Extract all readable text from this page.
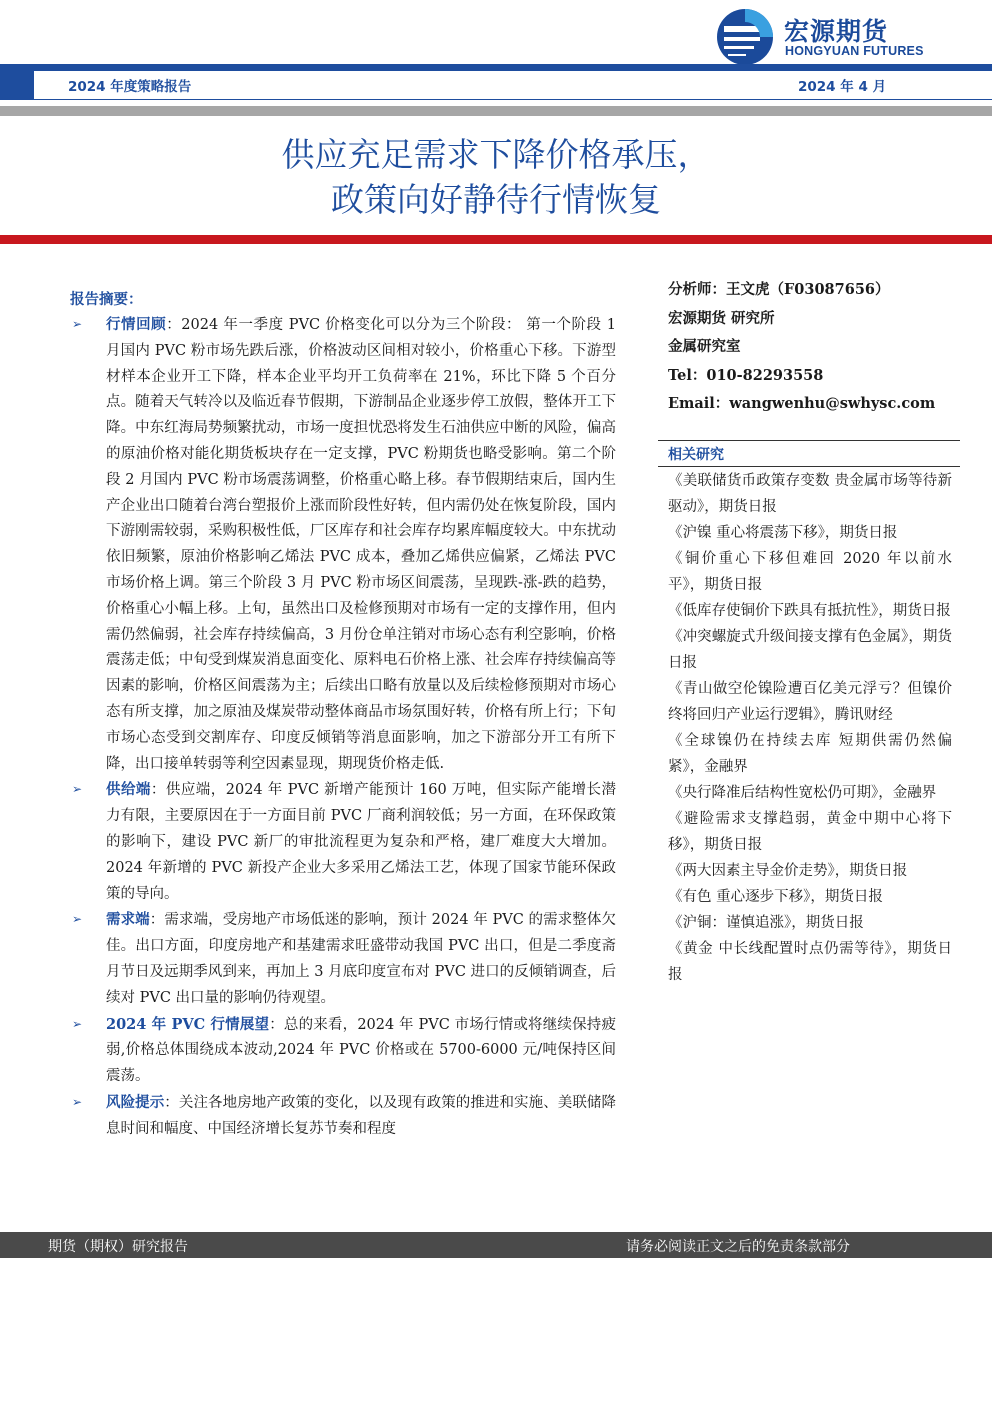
宏源期货
HONGYUAN FUTURES
2024 年度策略报告	2024 年 4 月
供应充足需求下降价格承压，
政策向好静待行情恢复
报告摘要：
➢ 行情回顾：2024 年一季度 PVC 价格变化可以分为三个阶段： 第一个阶段 1 月国内 PVC 粉市场先跌后涨，价格波动区间相对较小，价格重心下移。下游型材样本企业开工下降，样本企业平均开工负荷率在 21%，环比下降 5 个百分点。随着天气转冷以及临近春节假期，下游制品企业逐步停工放假，整体开工下降。中东红海局势频繁扰动，市场一度担忧恐将发生石油供应中断的风险，偏高的原油价格对能化期货板块存在一定支撑，PVC 粉期货也略受影响。第二个阶段 2 月国内 PVC 粉市场震荡调整，价格重心略上移。春节假期结束后，国内生产企业出口随着台湾台塑报价上涨而阶段性好转，但内需仍处在恢复阶段，国内下游刚需较弱，采购积极性低，厂区库存和社会库存均累库幅度较大。中东扰动依旧频繁，原油价格影响乙烯法 PVC 成本，叠加乙烯供应偏紧，乙烯法 PVC 市场价格上调。第三个阶段 3 月 PVC 粉市场区间震荡，呈现跌-涨-跌的趋势，价格重心小幅上移。上旬，虽然出口及检修预期对市场有一定的支撑作用，但内需仍然偏弱，社会库存持续偏高，3 月份仓单注销对市场心态有利空影响，价格震荡走低；中旬受到煤炭消息面变化、原料电石价格上涨、社会库存持续偏高等因素的影响，价格区间震荡为主；后续出口略有放量以及后续检修预期对市场心态有所支撑，加之原油及煤炭带动整体商品市场氛围好转，价格有所上行；下旬市场心态受到交割库存、印度反倾销等消息面影响，加之下游部分开工有所下降，出口接单转弱等利空因素显现，期现货价格走低.
➢ 供给端：供应端，2024 年 PVC 新增产能预计 160 万吨，但实际产能增长潜力有限，主要原因在于一方面目前 PVC 厂商利润较低；另一方面，在环保政策的影响下，建设 PVC 新厂的审批流程更为复杂和严格，建厂难度大大增加。2024 年新增的 PVC 新投产企业大多采用乙烯法工艺，体现了国家节能环保政策的导向。
➢ 需求端：需求端，受房地产市场低迷的影响，预计 2024 年 PVC 的需求整体欠佳。出口方面，印度房地产和基建需求旺盛带动我国 PVC 出口，但是二季度斋月节日及远期季风到来，再加上 3 月底印度宣布对 PVC 进口的反倾销调查，后续对 PVC 出口量的影响仍待观望。
➢ 2024 年 PVC 行情展望：总的来看，2024 年 PVC 市场行情或将继续保持疲弱,价格总体围绕成本波动,2024 年 PVC 价格或在 5700-6000 元/吨保持区间震荡。
➢ 风险提示：关注各地房地产政策的变化，以及现有政策的推进和实施、美联储降息时间和幅度、中国经济增长复苏节奏和程度
分析师：王文虎（F03087656）
宏源期货 研究所
金属研究室
Tel：010-82293558
Email：wangwenhu@swhysc.com
相关研究
《美联储货币政策存变数 贵金属市场等待新驱动》，期货日报
《沪镍 重心将震荡下移》，期货日报
《铜价重心下移但难回 2020 年以前水平》，期货日报
《低库存使铜价下跌具有抵抗性》，期货日报
《冲突螺旋式升级间接支撑有色金属》，期货日报
《青山做空伦镍险遭百亿美元浮亏？但镍价终将回归产业运行逻辑》，腾讯财经
《全球镍仍在持续去库 短期供需仍然偏紧》，金融界
《央行降准后结构性宽松仍可期》，金融界
《避险需求支撑趋弱，黄金中期中心将下移》，期货日报
《两大因素主导金价走势》，期货日报
《有色 重心逐步下移》，期货日报
《沪铜：谨慎追涨》，期货日报
《黄金 中长线配置时点仍需等待》，期货日报
期货（期权）研究报告	请务必阅读正文之后的免责条款部分
